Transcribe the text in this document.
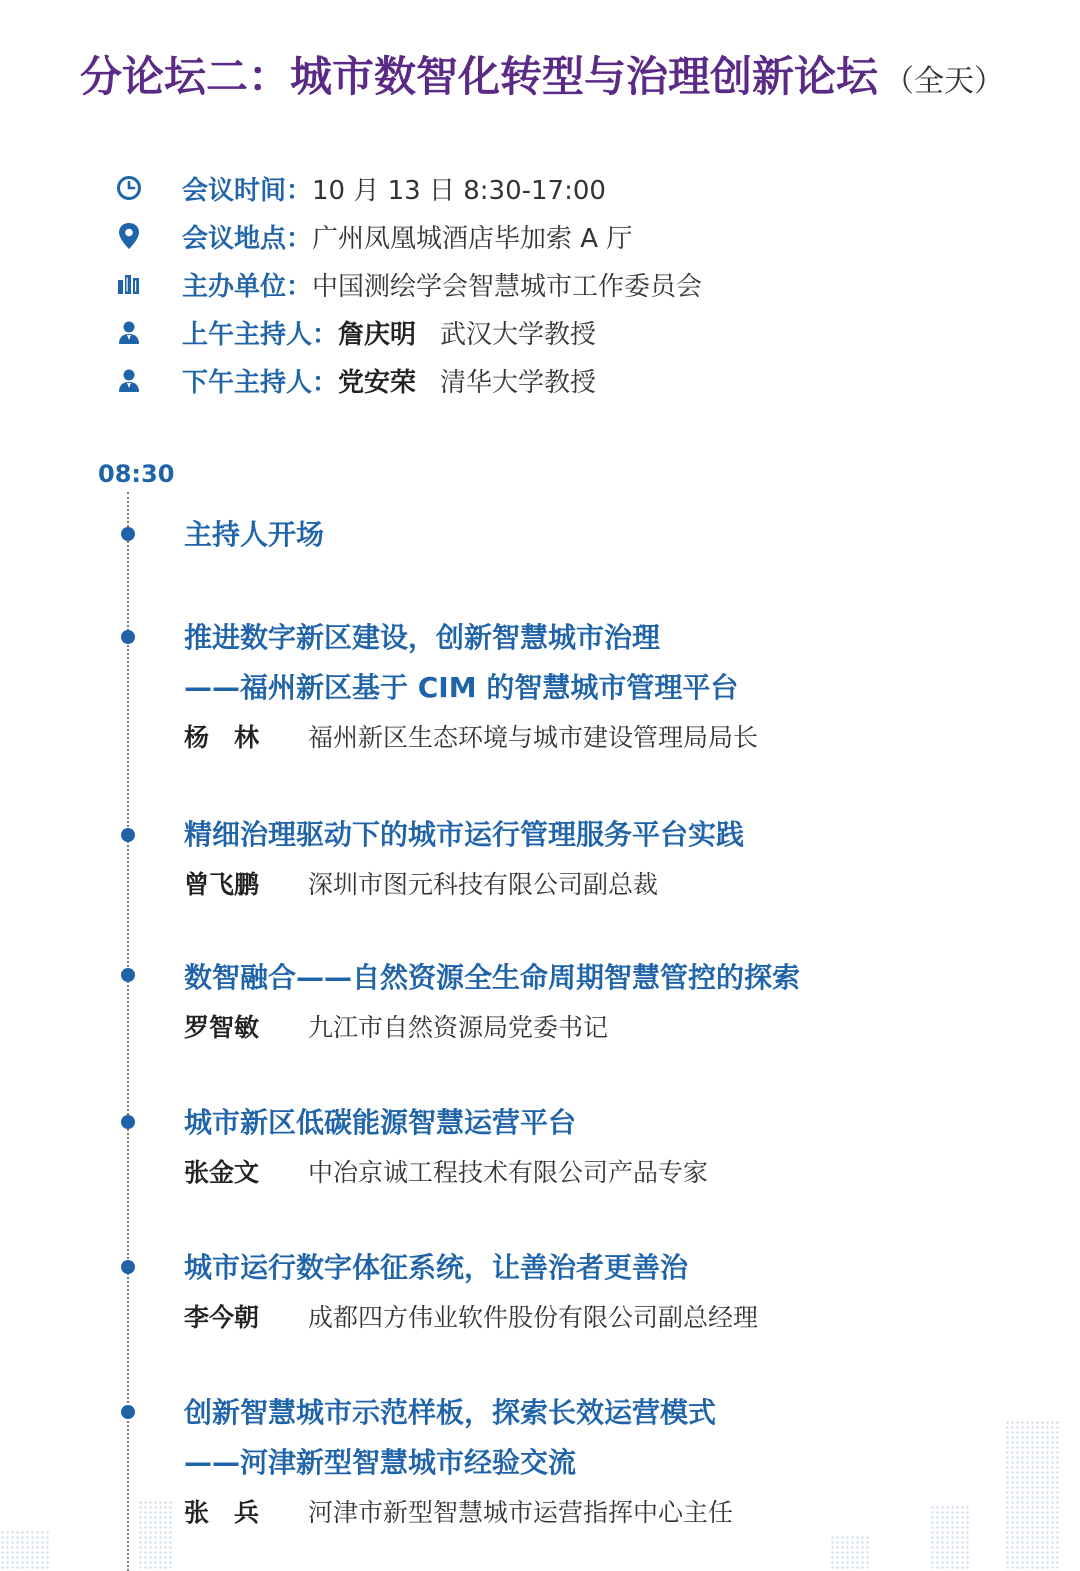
分论坛二：城市数智化转型与治理创新论坛 （全天）
会议时间： 10 月 13 日 8:30-17:00
会议地点： 广州凤凰城酒店毕加索 A 厅
主办单位： 中国测绘学会智慧城市工作委员会
上午主持人： 詹庆明 武汉大学教授
下午主持人： 党安荣 清华大学教授
08:30
主持人开场
推进数字新区建设，创新智慧城市治理
——福州新区基于 CIM 的智慧城市管理平台
杨　林	福州新区生态环境与城市建设管理局局长
精细治理驱动下的城市运行管理服务平台实践
曾飞鹏	深圳市图元科技有限公司副总裁
数智融合——自然资源全生命周期智慧管控的探索
罗智敏	九江市自然资源局党委书记
城市新区低碳能源智慧运营平台
张金文	中冶京诚工程技术有限公司产品专家
城市运行数字体征系统，让善治者更善治
李今朝	成都四方伟业软件股份有限公司副总经理
创新智慧城市示范样板，探索长效运营模式
——河津新型智慧城市经验交流
张　兵	河津市新型智慧城市运营指挥中心主任
